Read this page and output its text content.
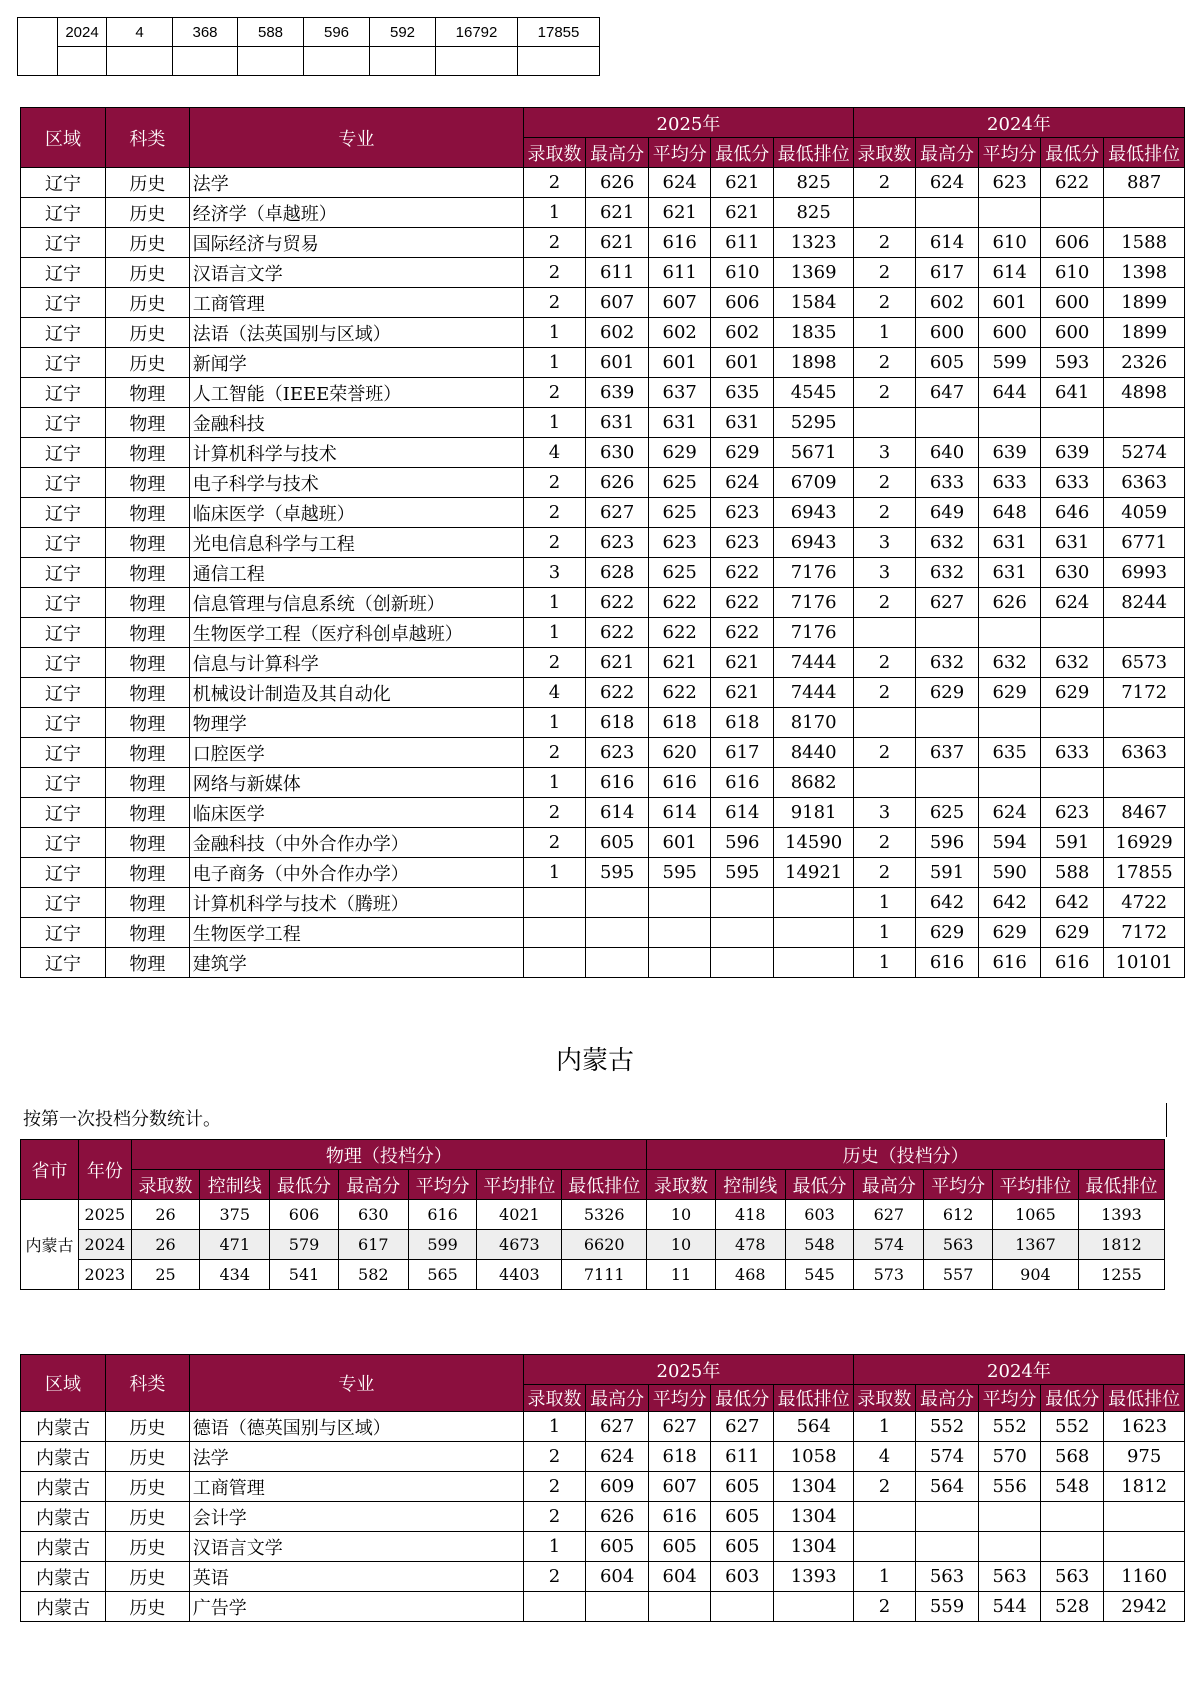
	2024	4	368	588	596	592	16792	17855

区域	科类	专业	2025年					2024年				
			录取数	最高分	平均分	最低分	最低排位	录取数	最高分	平均分	最低分	最低排位
辽宁	历史	法学	2	626	624	621	825	2	624	623	622	887
辽宁	历史	经济学（卓越班）	1	621	621	621	825					
辽宁	历史	国际经济与贸易	2	621	616	611	1323	2	614	610	606	1588
辽宁	历史	汉语言文学	2	611	611	610	1369	2	617	614	610	1398
辽宁	历史	工商管理	2	607	607	606	1584	2	602	601	600	1899
辽宁	历史	法语（法英国别与区域）	1	602	602	602	1835	1	600	600	600	1899
辽宁	历史	新闻学	1	601	601	601	1898	2	605	599	593	2326
辽宁	物理	人工智能（IEEE荣誉班）	2	639	637	635	4545	2	647	644	641	4898
辽宁	物理	金融科技	1	631	631	631	5295					
辽宁	物理	计算机科学与技术	4	630	629	629	5671	3	640	639	639	5274
辽宁	物理	电子科学与技术	2	626	625	624	6709	2	633	633	633	6363
辽宁	物理	临床医学（卓越班）	2	627	625	623	6943	2	649	648	646	4059
辽宁	物理	光电信息科学与工程	2	623	623	623	6943	3	632	631	631	6771
辽宁	物理	通信工程	3	628	625	622	7176	3	632	631	630	6993
辽宁	物理	信息管理与信息系统（创新班）	1	622	622	622	7176	2	627	626	624	8244
辽宁	物理	生物医学工程（医疗科创卓越班）	1	622	622	622	7176					
辽宁	物理	信息与计算科学	2	621	621	621	7444	2	632	632	632	6573
辽宁	物理	机械设计制造及其自动化	4	622	622	621	7444	2	629	629	629	7172
辽宁	物理	物理学	1	618	618	618	8170					
辽宁	物理	口腔医学	2	623	620	617	8440	2	637	635	633	6363
辽宁	物理	网络与新媒体	1	616	616	616	8682					
辽宁	物理	临床医学	2	614	614	614	9181	3	625	624	623	8467
辽宁	物理	金融科技（中外合作办学）	2	605	601	596	14590	2	596	594	591	16929
辽宁	物理	电子商务（中外合作办学）	1	595	595	595	14921	2	591	590	588	17855
辽宁	物理	计算机科学与技术（腾班）						1	642	642	642	4722
辽宁	物理	生物医学工程						1	629	629	629	7172
辽宁	物理	建筑学						1	616	616	616	10101
内蒙古
按第一次投档分数统计。
省市	年份	物理（投档分）							历史（投档分）						
		录取数	控制线	最低分	最高分	平均分	平均排位	最低排位	录取数	控制线	最低分	最高分	平均分	平均排位	最低排位
内蒙古	2025	26	375	606	630	616	4021	5326	10	418	603	627	612	1065	1393
	2024	26	471	579	617	599	4673	6620	10	478	548	574	563	1367	1812
	2023	25	434	541	582	565	4403	7111	11	468	545	573	557	904	1255
区域	科类	专业	2025年					2024年				
			录取数	最高分	平均分	最低分	最低排位	录取数	最高分	平均分	最低分	最低排位
内蒙古	历史	德语（德英国别与区域）	1	627	627	627	564	1	552	552	552	1623
内蒙古	历史	法学	2	624	618	611	1058	4	574	570	568	975
内蒙古	历史	工商管理	2	609	607	605	1304	2	564	556	548	1812
内蒙古	历史	会计学	2	626	616	605	1304					
内蒙古	历史	汉语言文学	1	605	605	605	1304					
内蒙古	历史	英语	2	604	604	603	1393	1	563	563	563	1160
内蒙古	历史	广告学						2	559	544	528	2942
